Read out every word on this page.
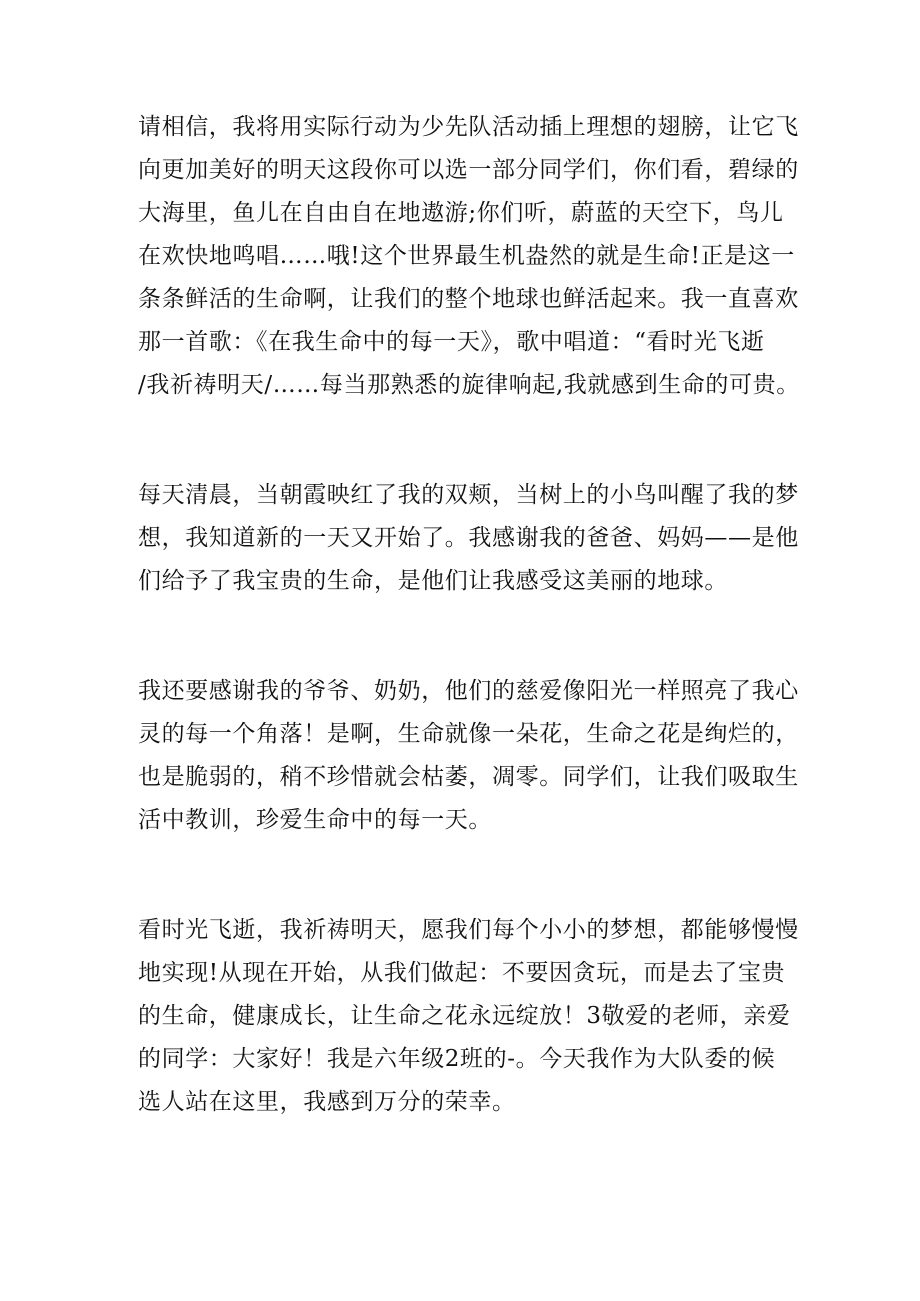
请相信，我将用实际行动为少先队活动插上理想的翅膀，让它飞
向更加美好的明天这段你可以选一部分同学们，你们看，碧绿的
大海里，鱼儿在自由自在地遨游;你们听，蔚蓝的天空下，鸟儿
在欢快地鸣唱……哦!这个世界最生机盎然的就是生命!正是这一
条条鲜活的生命啊，让我们的整个地球也鲜活起来。我一直喜欢
那一首歌：《在我生命中的每一天》，歌中唱道：“看时光飞逝
/我祈祷明天/……每当那熟悉的旋律响起,我就感到生命的可贵。

每天清晨，当朝霞映红了我的双颊，当树上的小鸟叫醒了我的梦
想，我知道新的一天又开始了。我感谢我的爸爸、妈妈——是他
们给予了我宝贵的生命，是他们让我感受这美丽的地球。

我还要感谢我的爷爷、奶奶，他们的慈爱像阳光一样照亮了我心
灵的每一个角落！是啊，生命就像一朵花，生命之花是绚烂的，
也是脆弱的，稍不珍惜就会枯萎，凋零。同学们，让我们吸取生
活中教训，珍爱生命中的每一天。

看时光飞逝，我祈祷明天，愿我们每个小小的梦想，都能够慢慢
地实现!从现在开始，从我们做起：不要因贪玩，而是去了宝贵
的生命，健康成长，让生命之花永远绽放！3敬爱的老师，亲爱
的同学：大家好！我是六年级2班的-。今天我作为大队委的候
选人站在这里，我感到万分的荣幸。
